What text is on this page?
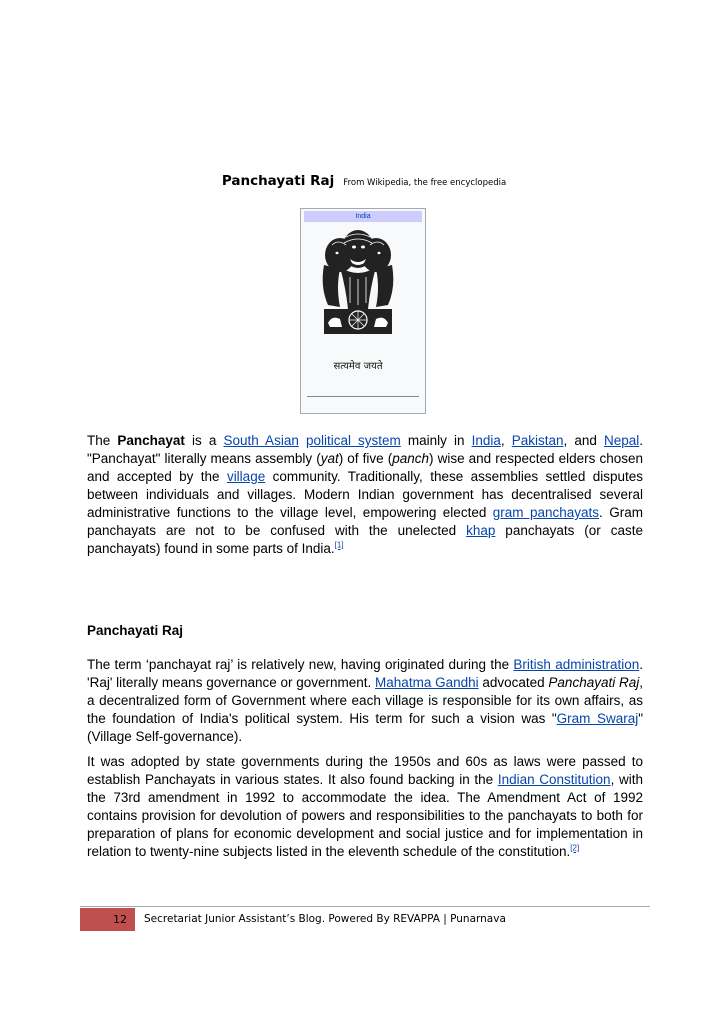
Panchayati Raj From Wikipedia, the free encyclopedia
India
सत्यमेव जयते

The Panchayat is a South Asian political system mainly in India, Pakistan, and Nepal. "Panchayat" literally means assembly (yat) of five (panch) wise and respected elders chosen and accepted by the village community. Traditionally, these assemblies settled disputes between individuals and villages. Modern Indian government has decentralised several administrative functions to the village level, empowering elected gram panchayats. Gram panchayats are not to be confused with the unelected khap panchayats (or caste panchayats) found in some parts of India.[1]

Panchayati Raj

The term ‘panchayat raj’ is relatively new, having originated during the British administration. 'Raj' literally means governance or government. Mahatma Gandhi advocated Panchayati Raj, a decentralized form of Government where each village is responsible for its own affairs, as the foundation of India's political system. His term for such a vision was "Gram Swaraj" (Village Self-governance).

It was adopted by state governments during the 1950s and 60s as laws were passed to establish Panchayats in various states. It also found backing in the Indian Constitution, with the 73rd amendment in 1992 to accommodate the idea. The Amendment Act of 1992 contains provision for devolution of powers and responsibilities to the panchayats to both for preparation of plans for economic development and social justice and for implementation in relation to twenty-nine subjects listed in the eleventh schedule of the constitution.[2]

12	Secretariat Junior Assistant’s Blog. Powered By REVAPPA | Punarnava
